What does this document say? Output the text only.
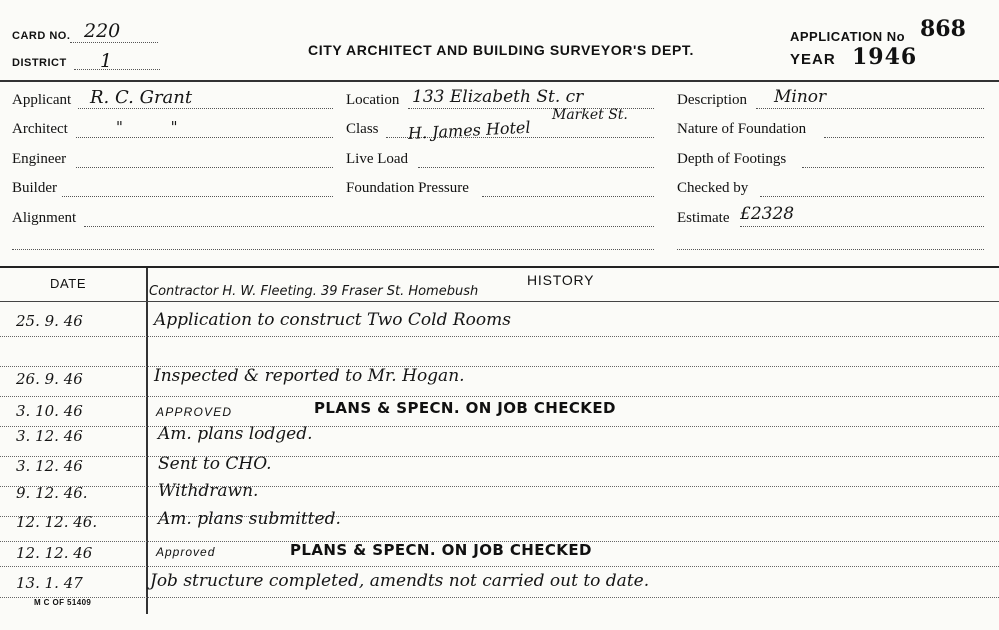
CARD NO. 220
DISTRICT 1	CITY ARCHITECT AND BUILDING SURVEYOR'S DEPT.
APPLICATION No 868
YEAR 1946
Applicant R. C. Grant
Architect	"          "
Engineer
Builder
Alignment
Location 133 Elizabeth St. cr
Market St.
Class H. James Hotel
Live Load
Foundation Pressure
Description Minor
Nature of Foundation
Depth of Footings
Checked by
Estimate £2328
DATE	HISTORY
Contractor H. W. Fleeting. 39 Fraser St. Homebush
25. 9. 46	Application to construct Two Cold Rooms
26. 9. 46	Inspected & reported to Mr. Hogan.
3. 10. 46	APPROVED	PLANS & SPECN. ON JOB CHECKED
3. 12. 46	Am. plans lodged.
3. 12. 46	Sent to CHO.
9. 12. 46.	Withdrawn.
12. 12. 46.	Am. plans submitted.
12. 12. 46	Approved	PLANS & SPECN. ON JOB CHECKED
13. 1. 47	Job structure completed, amendts not carried out to date.
M C OF 51409
